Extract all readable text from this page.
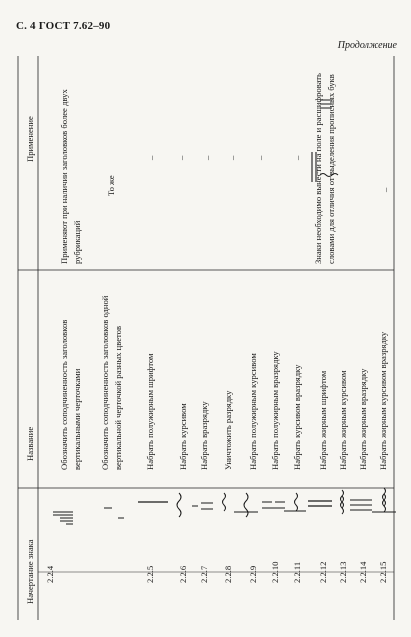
С. 4 ГОСТ 7.62–90
Продолжение
Начертание знака
Название
Применение
2.2.4
Обозначить соподчиненность заголовков вертикальными черточками
Применяют при наличии заголовков более двух рубрикаций
Обозначить соподчиненность заголовков одной вертикальной черточкой разных цветов
То же
2.2.5
Набрать полужирным шрифтом
–
2.2.6
Набрать курсивом
–
2.2.7
Набрать вразрядку
–
2.2.8
Уничтожить разрядку
–
2.2.9
Набрать полужирным курсивом
–
2.2.10
Набрать полужирным вразрядку
2.2.11
Набрать курсивом вразрядку
–
2.2.12
Набрать жирным шрифтом
Знаки необходимо вынести на поле и расшифровать словами для отличия от выделения прописных букв
2.2.13
Набрать жирным курсивом
2.2.14
Набрать жирным вразрядку
2.2.15
Набрать жирным курсивом вразрядку
–
